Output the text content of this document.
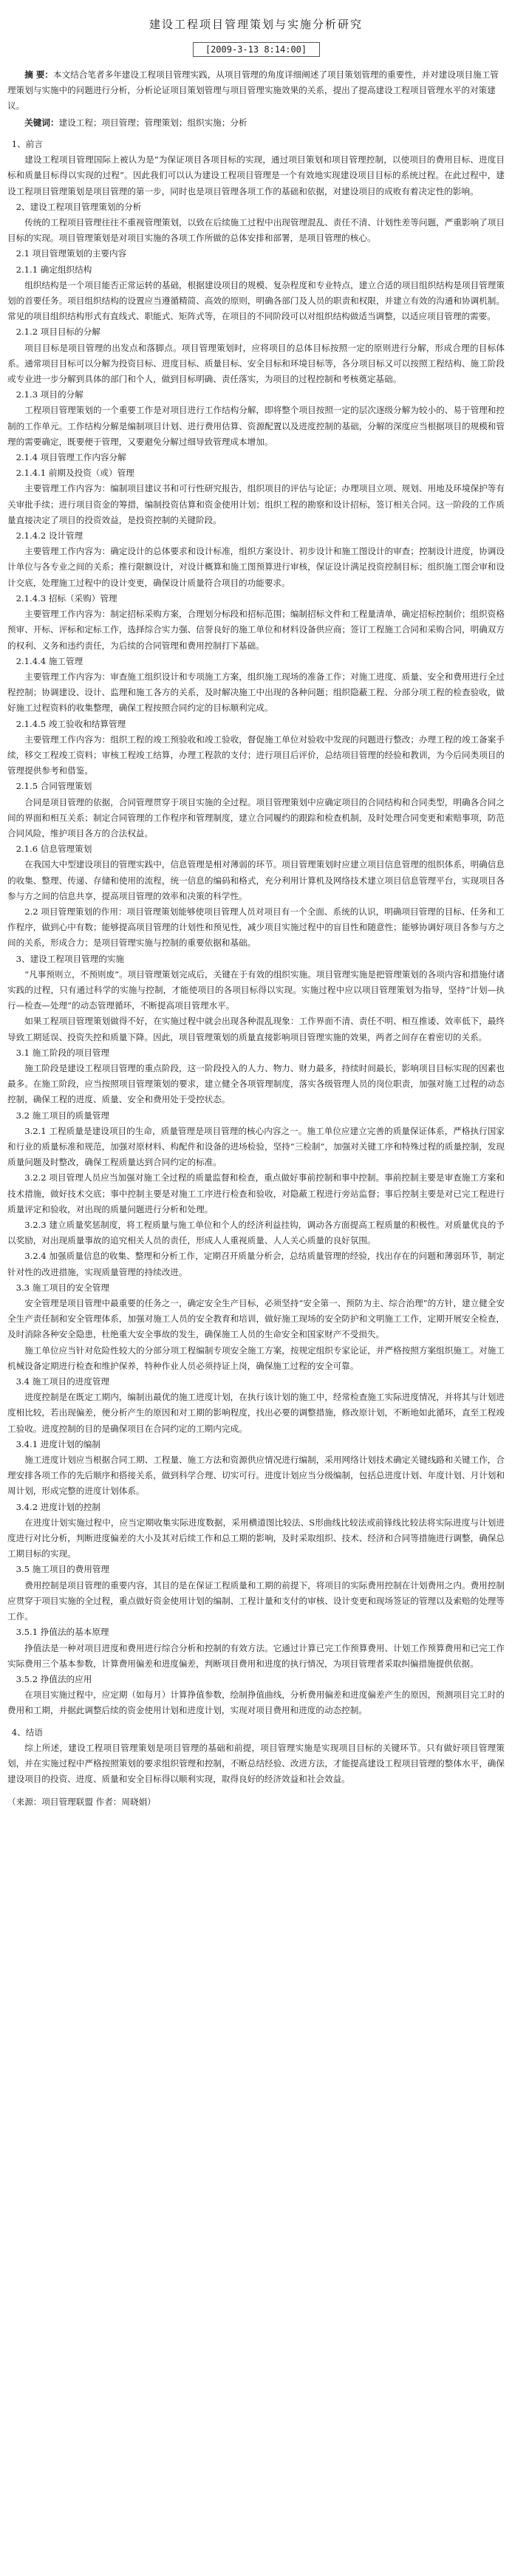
建设工程项目管理策划与实施分析研究
[2009-3-13 8:14:00]

摘 要：本文结合笔者多年建设工程项目管理实践，从项目管理的角度详细阐述了项目策划管理的重要性，并对建设项目施工管理策划与实施中的问题进行分析，分析论证项目策划管理与项目管理实施效果的关系，提出了提高建设工程项目管理水平的对策建议。

关键词：建设工程；项目管理；管理策划；组织实施；分析

1、前言

建设工程项目管理国际上被认为是“为保证项目各项目标的实现，通过项目策划和项目管理控制，以使项目的费用目标、进度目标和质量目标得以实现的过程”。因此我们可以认为建设工程项目管理是一个有效地实现建设项目目标的系统过程。在此过程中，建设工程项目管理策划是项目管理的第一步，同时也是项目管理各项工作的基础和依据，对建设项目的成败有着决定性的影响。

2、建设工程项目管理策划的分析

传统的工程项目管理往往不重视管理策划，以致在后续施工过程中出现管理混乱、责任不清、计划性差等问题，严重影响了项目目标的实现。项目管理策划是对项目实施的各项工作所做的总体安排和部署，是项目管理的核心。

2.1 项目管理策划的主要内容

2.1.1 确定组织结构

组织结构是一个项目能否正常运转的基础，根据建设项目的规模、复杂程度和专业特点，建立合适的项目组织结构是项目管理策划的首要任务。项目组织结构的设置应当遵循精简、高效的原则，明确各部门及人员的职责和权限，并建立有效的沟通和协调机制。常见的项目组织结构形式有直线式、职能式、矩阵式等，在项目的不同阶段可以对组织结构做适当调整，以适应项目管理的需要。

2.1.2 项目目标的分解

项目目标是项目管理的出发点和落脚点。项目管理策划时，应将项目的总体目标按照一定的原则进行分解，形成合理的目标体系。通常项目目标可以分解为投资目标、进度目标、质量目标、安全目标和环境目标等，各分项目标又可以按照工程结构、施工阶段或专业进一步分解到具体的部门和个人，做到目标明确、责任落实，为项目的过程控制和考核奠定基础。

2.1.3 项目的分解

工程项目管理策划的一个重要工作是对项目进行工作结构分解，即将整个项目按照一定的层次逐级分解为较小的、易于管理和控制的工作单元。工作结构分解是编制项目计划、进行费用估算、资源配置以及进度控制的基础，分解的深度应当根据项目的规模和管理的需要确定，既要便于管理，又要避免分解过细导致管理成本增加。

2.1.4 项目管理工作内容分解

2.1.4.1 前期及投资（或）管理

主要管理工作内容为：编制项目建议书和可行性研究报告，组织项目的评估与论证；办理项目立项、规划、用地及环境保护等有关审批手续；进行项目资金的筹措，编制投资估算和资金使用计划；组织工程的勘察和设计招标，签订相关合同。这一阶段的工作质量直接决定了项目的投资效益，是投资控制的关键阶段。

2.1.4.2 设计管理

主要管理工作内容为：确定设计的总体要求和设计标准，组织方案设计、初步设计和施工图设计的审查；控制设计进度，协调设计单位与各专业之间的关系；推行限额设计，对设计概算和施工图预算进行审核，保证设计满足投资控制目标；组织施工图会审和设计交底，处理施工过程中的设计变更，确保设计质量符合项目的功能要求。

2.1.4.3 招标（采购）管理

主要管理工作内容为：制定招标采购方案，合理划分标段和招标范围；编制招标文件和工程量清单，确定招标控制价；组织资格预审、开标、评标和定标工作，选择综合实力强、信誉良好的施工单位和材料设备供应商；签订工程施工合同和采购合同，明确双方的权利、义务和违约责任，为后续的合同管理和费用控制打下基础。

2.1.4.4 施工管理

主要管理工作内容为：审查施工组织设计和专项施工方案，组织施工现场的准备工作；对施工进度、质量、安全和费用进行全过程控制；协调建设、设计、监理和施工各方的关系，及时解决施工中出现的各种问题；组织隐蔽工程、分部分项工程的检查验收，做好施工过程资料的收集整理，确保工程按照合同约定的目标顺利完成。

2.1.4.5 竣工验收和结算管理

主要管理工作内容为：组织工程的竣工预验收和竣工验收，督促施工单位对验收中发现的问题进行整改；办理工程的竣工备案手续，移交工程竣工资料；审核工程竣工结算，办理工程款的支付；进行项目后评价，总结项目管理的经验和教训，为今后同类项目的管理提供参考和借鉴。

2.1.5 合同管理策划

合同是项目管理的依据，合同管理贯穿于项目实施的全过程。项目管理策划中应确定项目的合同结构和合同类型，明确各合同之间的界面和相互关系；制定合同管理的工作程序和管理制度，建立合同履约的跟踪和检查机制，及时处理合同变更和索赔事项，防范合同风险，维护项目各方的合法权益。

2.1.6 信息管理策划

在我国大中型建设项目的管理实践中，信息管理是相对薄弱的环节。项目管理策划时应建立项目信息管理的组织体系，明确信息的收集、整理、传递、存储和使用的流程，统一信息的编码和格式，充分利用计算机及网络技术建立项目信息管理平台，实现项目各参与方之间的信息共享，提高项目管理的效率和决策的科学性。

2.2 项目管理策划的作用：项目管理策划能够使项目管理人员对项目有一个全面、系统的认识，明确项目管理的目标、任务和工作程序，做到心中有数；能够提高项目管理的计划性和预见性，减少项目实施过程中的盲目性和随意性；能够协调好项目各参与方之间的关系，形成合力；是项目管理实施与控制的重要依据和基础。

3、建设工程项目管理的实施

“凡事预则立，不预则废”。项目管理策划完成后，关键在于有效的组织实施。项目管理实施是把管理策划的各项内容和措施付诸实践的过程，只有通过科学的实施与控制，才能使项目的各项目标得以实现。实施过程中应以项目管理策划为指导，坚持“计划—执行—检查—处理”的动态管理循环，不断提高项目管理水平。

如果工程项目管理策划做得不好，在实施过程中就会出现各种混乱现象：工作界面不清、责任不明、相互推诿、效率低下，最终导致工期延误、投资失控和质量下降。因此，项目管理策划的质量直接影响项目管理实施的效果，两者之间存在着密切的关系。

3.1 施工阶段的项目管理

施工阶段是建设工程项目管理的重点阶段，这一阶段投入的人力、物力、财力最多，持续时间最长，影响项目目标实现的因素也最多。在施工阶段，应当按照项目管理策划的要求，建立健全各项管理制度，落实各级管理人员的岗位职责，加强对施工过程的动态控制，确保工程的进度、质量、安全和费用处于受控状态。

3.2 施工项目的质量管理

3.2.1 工程质量是建设项目的生命，质量管理是项目管理的核心内容之一。施工单位应建立完善的质量保证体系，严格执行国家和行业的质量标准和规范，加强对原材料、构配件和设备的进场检验，坚持“三检制”，加强对关键工序和特殊过程的质量控制，发现质量问题及时整改，确保工程质量达到合同约定的标准。

3.2.2 项目管理人员应当加强对施工全过程的质量监督和检查，重点做好事前控制和事中控制。事前控制主要是审查施工方案和技术措施，做好技术交底；事中控制主要是对施工工序进行检查和验收，对隐蔽工程进行旁站监督；事后控制主要是对已完工程进行质量评定和验收，对出现的质量问题进行分析和处理。

3.2.3 建立质量奖惩制度，将工程质量与施工单位和个人的经济利益挂钩，调动各方面提高工程质量的积极性。对质量优良的予以奖励，对出现质量事故的追究相关人员的责任，形成人人重视质量、人人关心质量的良好氛围。

3.2.4 加强质量信息的收集、整理和分析工作，定期召开质量分析会，总结质量管理的经验，找出存在的问题和薄弱环节，制定针对性的改进措施，实现质量管理的持续改进。

3.3 施工项目的安全管理

安全管理是项目管理中最重要的任务之一，确定安全生产目标，必须坚持“安全第一、预防为主、综合治理”的方针，建立健全安全生产责任制和安全管理体系，加强对施工人员的安全教育和培训，做好施工现场的安全防护和文明施工工作，定期开展安全检查，及时消除各种安全隐患，杜绝重大安全事故的发生，确保施工人员的生命安全和国家财产不受损失。

施工单位应当针对危险性较大的分部分项工程编制专项安全施工方案，按规定组织专家论证，并严格按照方案组织施工。对施工机械设备定期进行检查和维护保养，特种作业人员必须持证上岗，确保施工过程的安全可靠。

3.4 施工项目的进度管理

进度控制是在既定工期内，编制出最优的施工进度计划，在执行该计划的施工中，经常检查施工实际进度情况，并将其与计划进度相比较，若出现偏差，便分析产生的原因和对工期的影响程度，找出必要的调整措施，修改原计划，不断地如此循环，直至工程竣工验收。进度控制的目的是确保项目在合同约定的工期内完成。

3.4.1 进度计划的编制

施工进度计划应当根据合同工期、工程量、施工方法和资源供应情况进行编制，采用网络计划技术确定关键线路和关键工作，合理安排各项工作的先后顺序和搭接关系，做到科学合理、切实可行。进度计划应当分级编制，包括总进度计划、年度计划、月计划和周计划，形成完整的进度计划体系。

3.4.2 进度计划的控制

在进度计划实施过程中，应当定期收集实际进度数据，采用横道图比较法、S形曲线比较法或前锋线比较法将实际进度与计划进度进行对比分析，判断进度偏差的大小及其对后续工作和总工期的影响，及时采取组织、技术、经济和合同等措施进行调整，确保总工期目标的实现。

3.5 施工项目的费用管理

费用控制是项目管理的重要内容，其目的是在保证工程质量和工期的前提下，将项目的实际费用控制在计划费用之内。费用控制应贯穿于项目实施的全过程，重点做好资金使用计划的编制、工程计量和支付的审核、设计变更和现场签证的管理以及索赔的处理等工作。

3.5.1 挣值法的基本原理

挣值法是一种对项目进度和费用进行综合分析和控制的有效方法。它通过计算已完工作预算费用、计划工作预算费用和已完工作实际费用三个基本参数，计算费用偏差和进度偏差，判断项目费用和进度的执行情况，为项目管理者采取纠偏措施提供依据。

3.5.2 挣值法的应用

在项目实施过程中，应定期（如每月）计算挣值参数，绘制挣值曲线，分析费用偏差和进度偏差产生的原因，预测项目完工时的费用和工期，并据此调整后续的资金使用计划和进度计划，实现对项目费用和进度的动态控制。

4、结语

综上所述，建设工程项目管理策划是项目管理的基础和前提，项目管理实施是实现项目目标的关键环节。只有做好项目管理策划，并在实施过程中严格按照策划的要求组织管理和控制，不断总结经验、改进方法，才能提高建设工程项目管理的整体水平，确保建设项目的投资、进度、质量和安全目标得以顺利实现，取得良好的经济效益和社会效益。

（来源：项目管理联盟 作者：周晓娟）
